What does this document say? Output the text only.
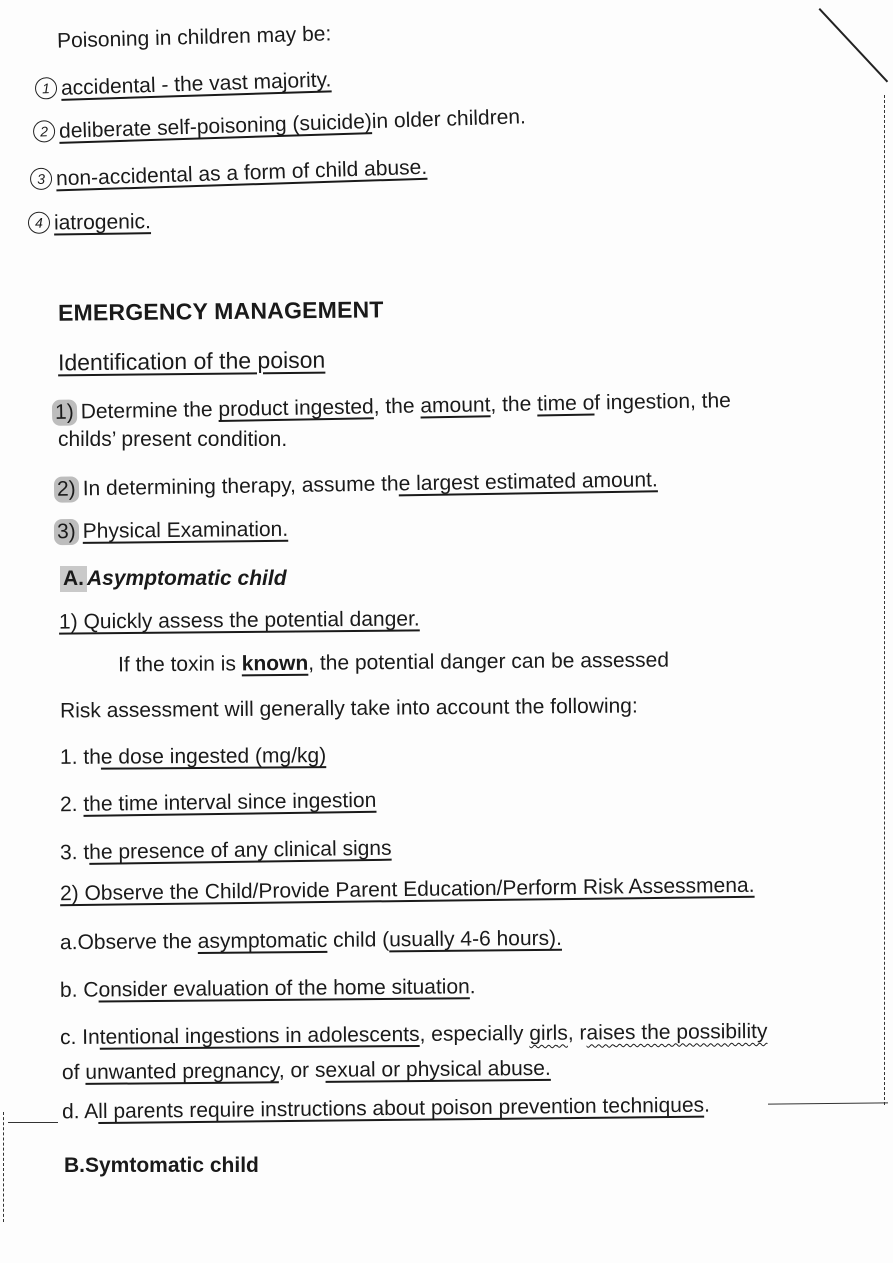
Poisoning in children may be:
1 accidental - the vast majority.
2 deliberate self-poisoning (suicide)in older children.
3 non-accidental as a form of child abuse.
4 iatrogenic.
EMERGENCY MANAGEMENT
Identification of the poison
1) Determine the product ingested, the amount, the time of ingestion, the
childs’ present condition.
2) In determining therapy, assume the largest estimated amount.
3) Physical Examination.
A. Asymptomatic child
1) Quickly assess the potential danger.
If the toxin is known, the potential danger can be assessed
Risk assessment will generally take into account the following:
1. the dose ingested (mg/kg)
2. the time interval since ingestion
3. the presence of any clinical signs
2) Observe the Child/Provide Parent Education/Perform Risk Assessmena.
a.Observe the asymptomatic child (usually 4-6 hours).
b. Consider evaluation of the home situation.
c. Intentional ingestions in adolescents, especially girls, raises the possibility
of unwanted pregnancy, or sexual or physical abuse.
d. All parents require instructions about poison prevention techniques.
B.Symtomatic child
